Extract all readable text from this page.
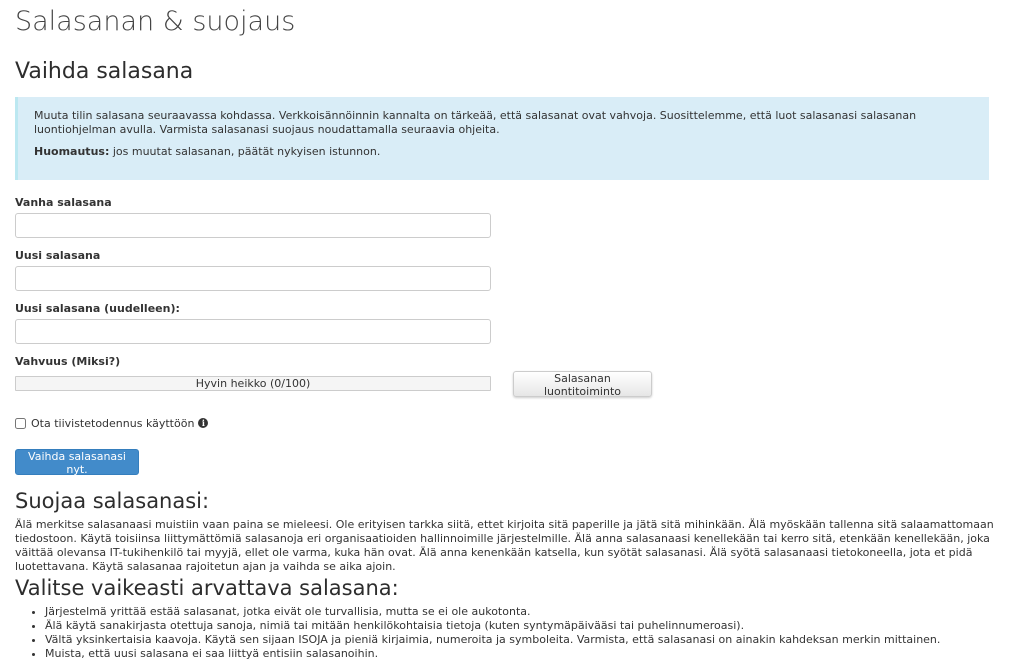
Salasanan & suojaus
Vaihda salasana

Muuta tilin salasana seuraavassa kohdassa. Verkkoisännöinnin kannalta on tärkeää, että salasanat ovat vahvoja. Suosittelemme, että luot salasanasi salasanan luontiohjelman avulla. Varmista salasanasi suojaus noudattamalla seuraavia ohjeita.

Huomautus: jos muutat salasanan, päätät nykyisen istunnon.

Vanha salasana
Uusi salasana
Uusi salasana (uudelleen):
Vahvuus (Miksi?)
Hyvin heikko (0/100)	Salasanan luontitoiminto
Ota tiivistetodennus käyttöön i
Vaihda salasanasi nyt.
Suojaa salasanasi:

Älä merkitse salasanaasi muistiin vaan paina se mieleesi. Ole erityisen tarkka siitä, ettet kirjoita sitä paperille ja jätä sitä mihinkään. Älä myöskään tallenna sitä salaamattomaan tiedostoon. Käytä toisiinsa liittymättömiä salasanoja eri organisaatioiden hallinnoimille järjestelmille. Älä anna salasanaasi kenellekään tai kerro sitä, etenkään kenellekään, joka väittää olevansa IT-tukihenkilö tai myyjä, ellet ole varma, kuka hän ovat. Älä anna kenenkään katsella, kun syötät salasanasi. Älä syötä salasanaasi tietokoneella, jota et pidä luotettavana. Käytä salasanaa rajoitetun ajan ja vaihda se aika ajoin.

Valitse vaikeasti arvattava salasana:
• Järjestelmä yrittää estää salasanat, jotka eivät ole turvallisia, mutta se ei ole aukotonta.
• Älä käytä sanakirjasta otettuja sanoja, nimiä tai mitään henkilökohtaisia tietoja (kuten syntymäpäivääsi tai puhelinnumeroasi).
• Vältä yksinkertaisia kaavoja. Käytä sen sijaan ISOJA ja pieniä kirjaimia, numeroita ja symboleita. Varmista, että salasanasi on ainakin kahdeksan merkin mittainen.
• Muista, että uusi salasana ei saa liittyä entisiin salasanoihin.
